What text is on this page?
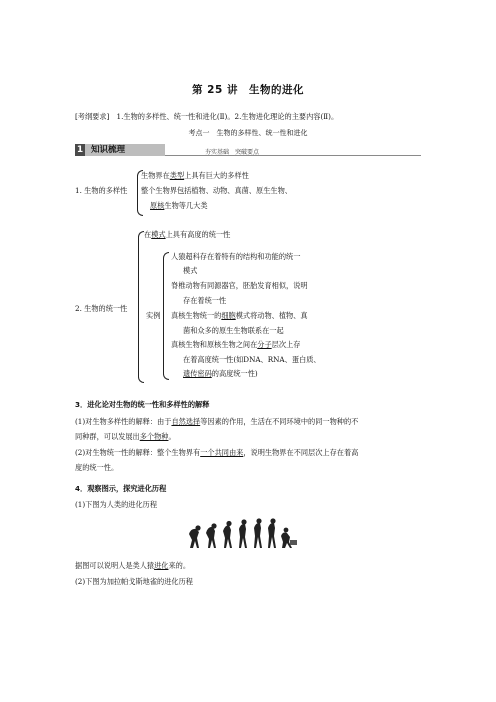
第 25 讲　生物的进化
[考纲要求]　1.生物的多样性、统一性和进化(Ⅱ)。2.生物进化理论的主要内容(Ⅱ)。
考点一　生物的多样性、统一性和进化
1 知识梳理	夯实基础　突破要点
1. 生物的多样性
生物界在类型上具有巨大的多样性
整个生物界包括植物、动物、真菌、原生生物、
原核生物等几大类
2. 生物的统一性
在模式上具有高度的统一性
实例
人猿超科存在着特有的结构和功能的统一
模式
脊椎动物有同源器官，胚胎发育相似，说明
存在着统一性
真核生物统一的细胞模式将动物、植物、真
菌和众多的原生生物联系在一起
真核生物和原核生物之间在分子层次上存
在着高度统一性(如DNA、RNA、蛋白质、
遗传密码的高度统一性)
3．进化论对生物的统一性和多样性的解释
(1)对生物多样性的解释：由于自然选择等因素的作用，生活在不同环境中的同一物种的不
同种群，可以发展出多个物种。
(2)对生物统一性的解释：整个生物界有一个共同由来，说明生物界在不同层次上存在着高
度的统一性。
4．观察图示，探究进化历程
(1)下图为人类的进化历程
据图可以说明人是类人猿进化来的。
(2)下图为加拉帕戈斯地雀的进化历程
